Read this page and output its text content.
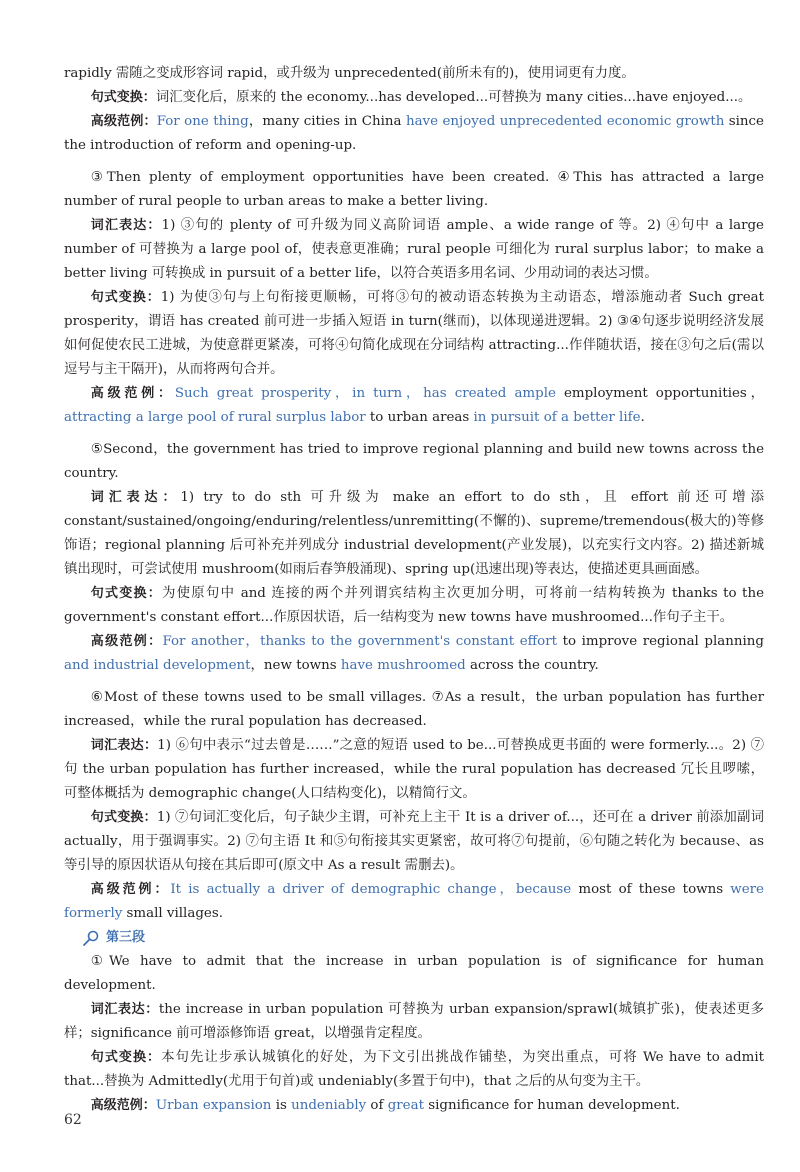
rapidly 需随之变成形容词 rapid，或升级为 unprecedented(前所未有的)，使用词更有力度。

句式变换：词汇变化后，原来的 the economy...has developed...可替换为 many cities...have enjoyed...。

高级范例：For one thing，many cities in China have enjoyed unprecedented economic growth since the introduction of reform and opening-up.

③Then plenty of employment opportunities have been created. ④This has attracted a large number of rural people to urban areas to make a better living.

词汇表达：1) ③句的 plenty of 可升级为同义高阶词语 ample、a wide range of 等。2) ④句中 a large number of 可替换为 a large pool of，使表意更准确；rural people 可细化为 rural surplus labor；to make a better living 可转换成 in pursuit of a better life，以符合英语多用名词、少用动词的表达习惯。

句式变换：1) 为使③句与上句衔接更顺畅，可将③句的被动语态转换为主动语态，增添施动者 Such great prosperity，谓语 has created 前可进一步插入短语 in turn(继而)，以体现递进逻辑。2) ③④句逐步说明经济发展如何促使农民工进城，为使意群更紧凑，可将④句简化成现在分词结构 attracting...作伴随状语，接在③句之后(需以逗号与主干隔开)，从而将两句合并。

高级范例：Such great prosperity，in turn，has created ample employment opportunities，attracting a large pool of rural surplus labor to urban areas in pursuit of a better life.

⑤Second，the government has tried to improve regional planning and build new towns across the country.

词汇表达：1) try to do sth 可升级为 make an effort to do sth，且 effort 前还可增添 constant/sustained/ongoing/enduring/relentless/unremitting(不懈的)、supreme/tremendous(极大的)等修饰语；regional planning 后可补充并列成分 industrial development(产业发展)，以充实行文内容。2) 描述新城镇出现时，可尝试使用 mushroom(如雨后春笋般涌现)、spring up(迅速出现)等表达，使描述更具画面感。

句式变换：为使原句中 and 连接的两个并列谓宾结构主次更加分明，可将前一结构转换为 thanks to the government's constant effort...作原因状语，后一结构变为 new towns have mushroomed...作句子主干。

高级范例：For another，thanks to the government's constant effort to improve regional planning and industrial development，new towns have mushroomed across the country.

⑥Most of these towns used to be small villages. ⑦As a result，the urban population has further increased，while the rural population has decreased.

词汇表达：1) ⑥句中表示“过去曾是……”之意的短语 used to be...可替换成更书面的 were formerly...。2) ⑦句 the urban population has further increased，while the rural population has decreased 冗长且啰嗦，可整体概括为 demographic change(人口结构变化)，以精简行文。

句式变换：1) ⑦句词汇变化后，句子缺少主谓，可补充上主干 It is a driver of...，还可在 a driver 前添加副词 actually，用于强调事实。2) ⑦句主语 It 和⑤句衔接其实更紧密，故可将⑦句提前，⑥句随之转化为 because、as 等引导的原因状语从句接在其后即可(原文中 As a result 需删去)。

高级范例：It is actually a driver of demographic change，because most of these towns were formerly small villages.

第三段

①We have to admit that the increase in urban population is of significance for human development.

词汇表达：the increase in urban population 可替换为 urban expansion/sprawl(城镇扩张)，使表述更多样；significance 前可增添修饰语 great，以增强肯定程度。

句式变换：本句先让步承认城镇化的好处，为下文引出挑战作铺垫，为突出重点，可将 We have to admit that...替换为 Admittedly(尤用于句首)或 undeniably(多置于句中)，that 之后的从句变为主干。

高级范例：Urban expansion is undeniably of great significance for human development.

62
